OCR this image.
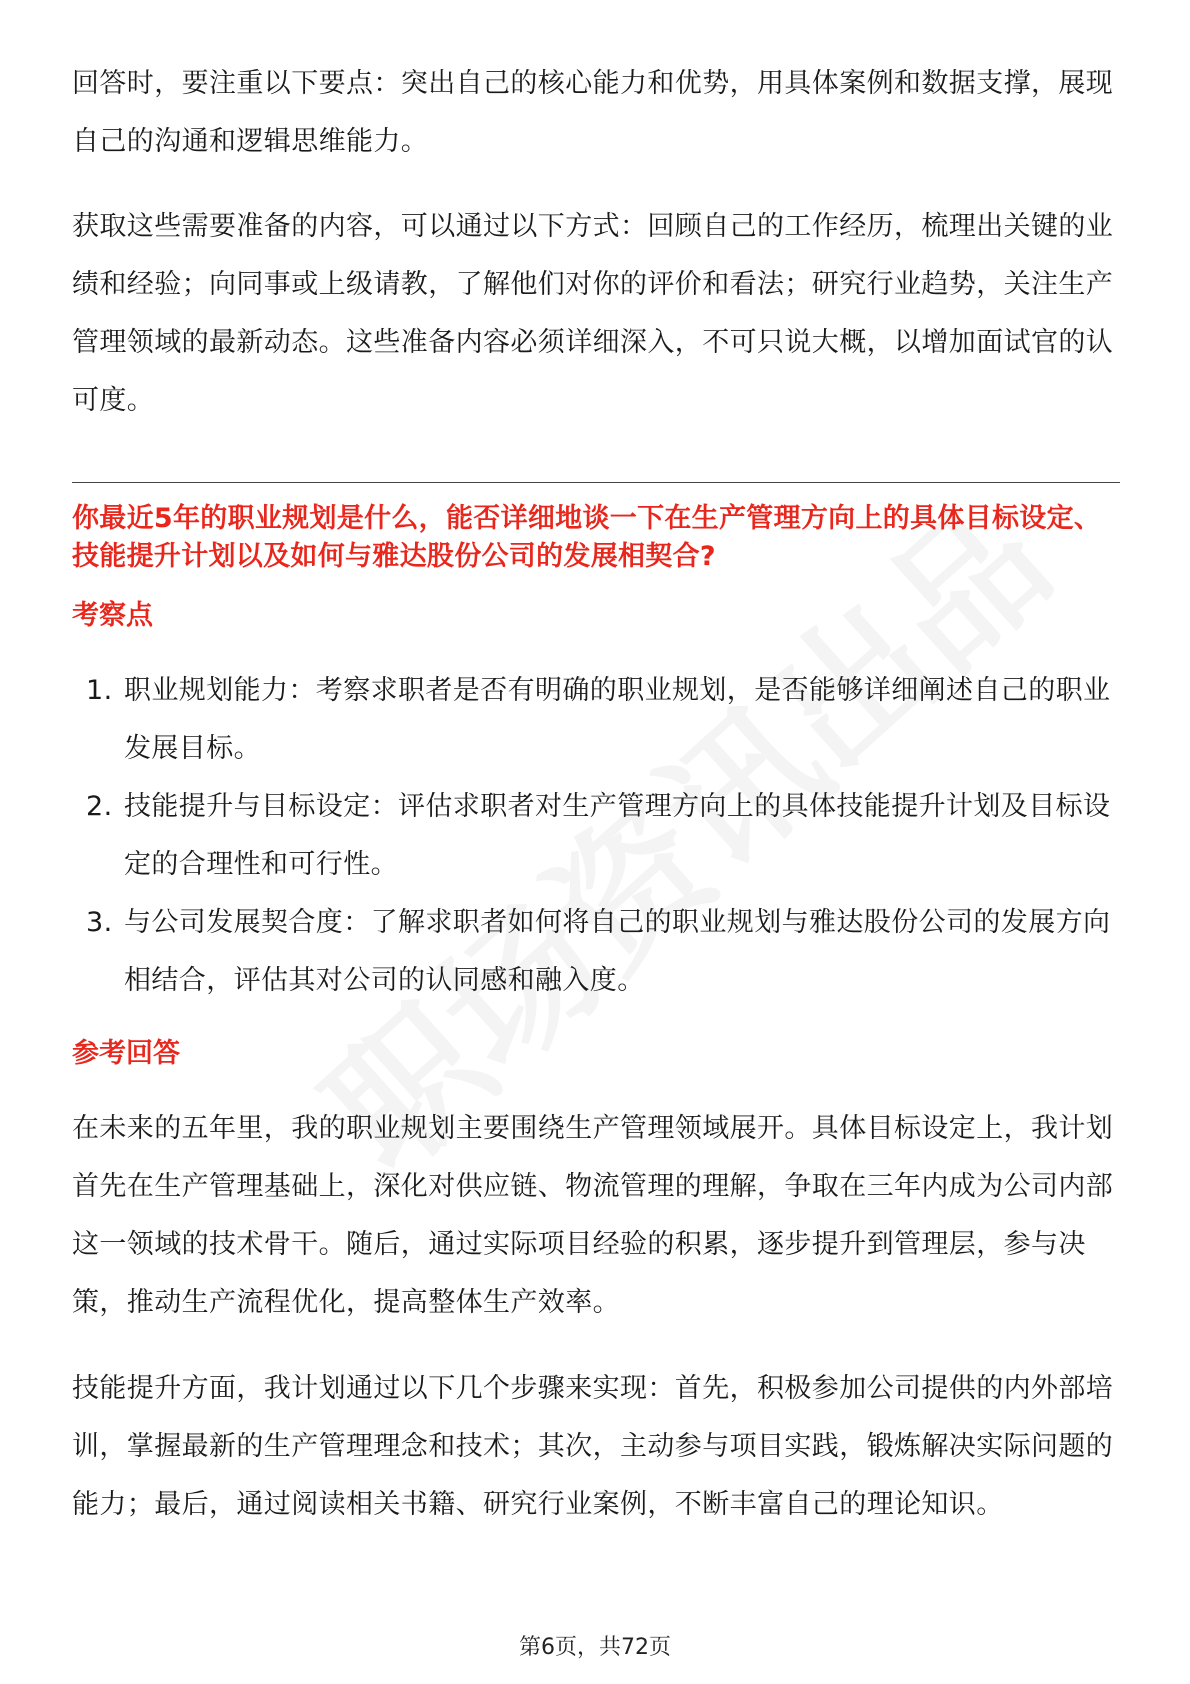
回答时，要注重以下要点：突出自己的核心能力和优势，用具体案例和数据支撑，展现自己的沟通和逻辑思维能力。

获取这些需要准备的内容，可以通过以下方式：回顾自己的工作经历，梳理出关键的业绩和经验；向同事或上级请教，了解他们对你的评价和看法；研究行业趋势，关注生产管理领域的最新动态。这些准备内容必须详细深入，不可只说大概，以增加面试官的认可度。

你最近5年的职业规划是什么，能否详细地谈一下在生产管理方向上的具体目标设定、技能提升计划以及如何与雅达股份公司的发展相契合?

考察点

1. 职业规划能力：考察求职者是否有明确的职业规划，是否能够详细阐述自己的职业发展目标。
2. 技能提升与目标设定：评估求职者对生产管理方向上的具体技能提升计划及目标设定的合理性和可行性。
3. 与公司发展契合度：了解求职者如何将自己的职业规划与雅达股份公司的发展方向相结合，评估其对公司的认同感和融入度。

参考回答

在未来的五年里，我的职业规划主要围绕生产管理领域展开。具体目标设定上，我计划首先在生产管理基础上，深化对供应链、物流管理的理解，争取在三年内成为公司内部这一领域的技术骨干。随后，通过实际项目经验的积累，逐步提升到管理层，参与决策，推动生产流程优化，提高整体生产效率。

技能提升方面，我计划通过以下几个步骤来实现：首先，积极参加公司提供的内外部培训，掌握最新的生产管理理念和技术；其次，主动参与项目实践，锻炼解决实际问题的能力；最后，通过阅读相关书籍、研究行业案例，不断丰富自己的理论知识。

第6页，共72页
